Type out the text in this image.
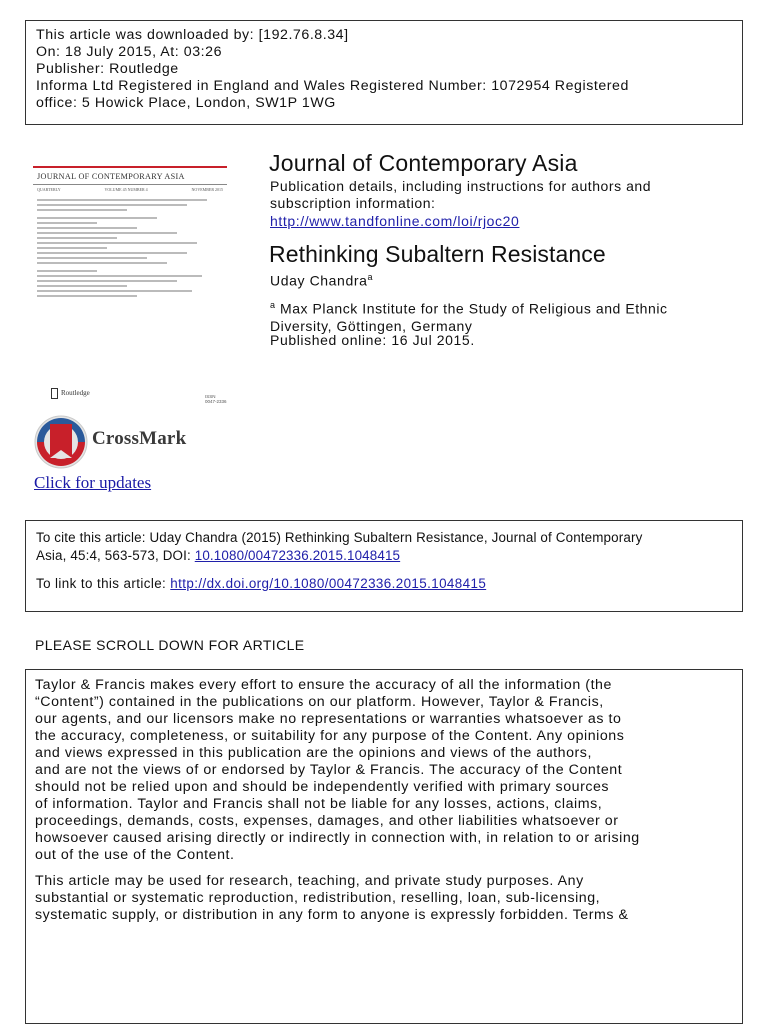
This article was downloaded by: [192.76.8.34]
On: 18 July 2015, At: 03:26
Publisher: Routledge
Informa Ltd Registered in England and Wales Registered Number: 1072954 Registered
office: 5 Howick Place, London, SW1P 1WG
JOURNAL OF CONTEMPORARY ASIA
QUARTERLY	VOLUME 45 NUMBER 4	NOVEMBER 2015
Routledge	ISSN 0047-2336
CrossMark
Click for updates
Journal of Contemporary Asia
Publication details, including instructions for authors and
subscription information:
http://www.tandfonline.com/loi/rjoc20
Rethinking Subaltern Resistance
Uday Chandra$^a$
$^a$ Max Planck Institute for the Study of Religious and Ethnic
Diversity, Göttingen, Germany
Published online: 16 Jul 2015.
To cite this article: Uday Chandra (2015) Rethinking Subaltern Resistance, Journal of Contemporary
Asia, 45:4, 563-573, DOI: 10.1080/00472336.2015.1048415
To link to this article: http://dx.doi.org/10.1080/00472336.2015.1048415
PLEASE SCROLL DOWN FOR ARTICLE

Taylor & Francis makes every effort to ensure the accuracy of all the information (the
“Content”) contained in the publications on our platform. However, Taylor & Francis,
our agents, and our licensors make no representations or warranties whatsoever as to
the accuracy, completeness, or suitability for any purpose of the Content. Any opinions
and views expressed in this publication are the opinions and views of the authors,
and are not the views of or endorsed by Taylor & Francis. The accuracy of the Content
should not be relied upon and should be independently verified with primary sources
of information. Taylor and Francis shall not be liable for any losses, actions, claims,
proceedings, demands, costs, expenses, damages, and other liabilities whatsoever or
howsoever caused arising directly or indirectly in connection with, in relation to or arising
out of the use of the Content.

This article may be used for research, teaching, and private study purposes. Any
substantial or systematic reproduction, redistribution, reselling, loan, sub-licensing,
systematic supply, or distribution in any form to anyone is expressly forbidden. Terms &
